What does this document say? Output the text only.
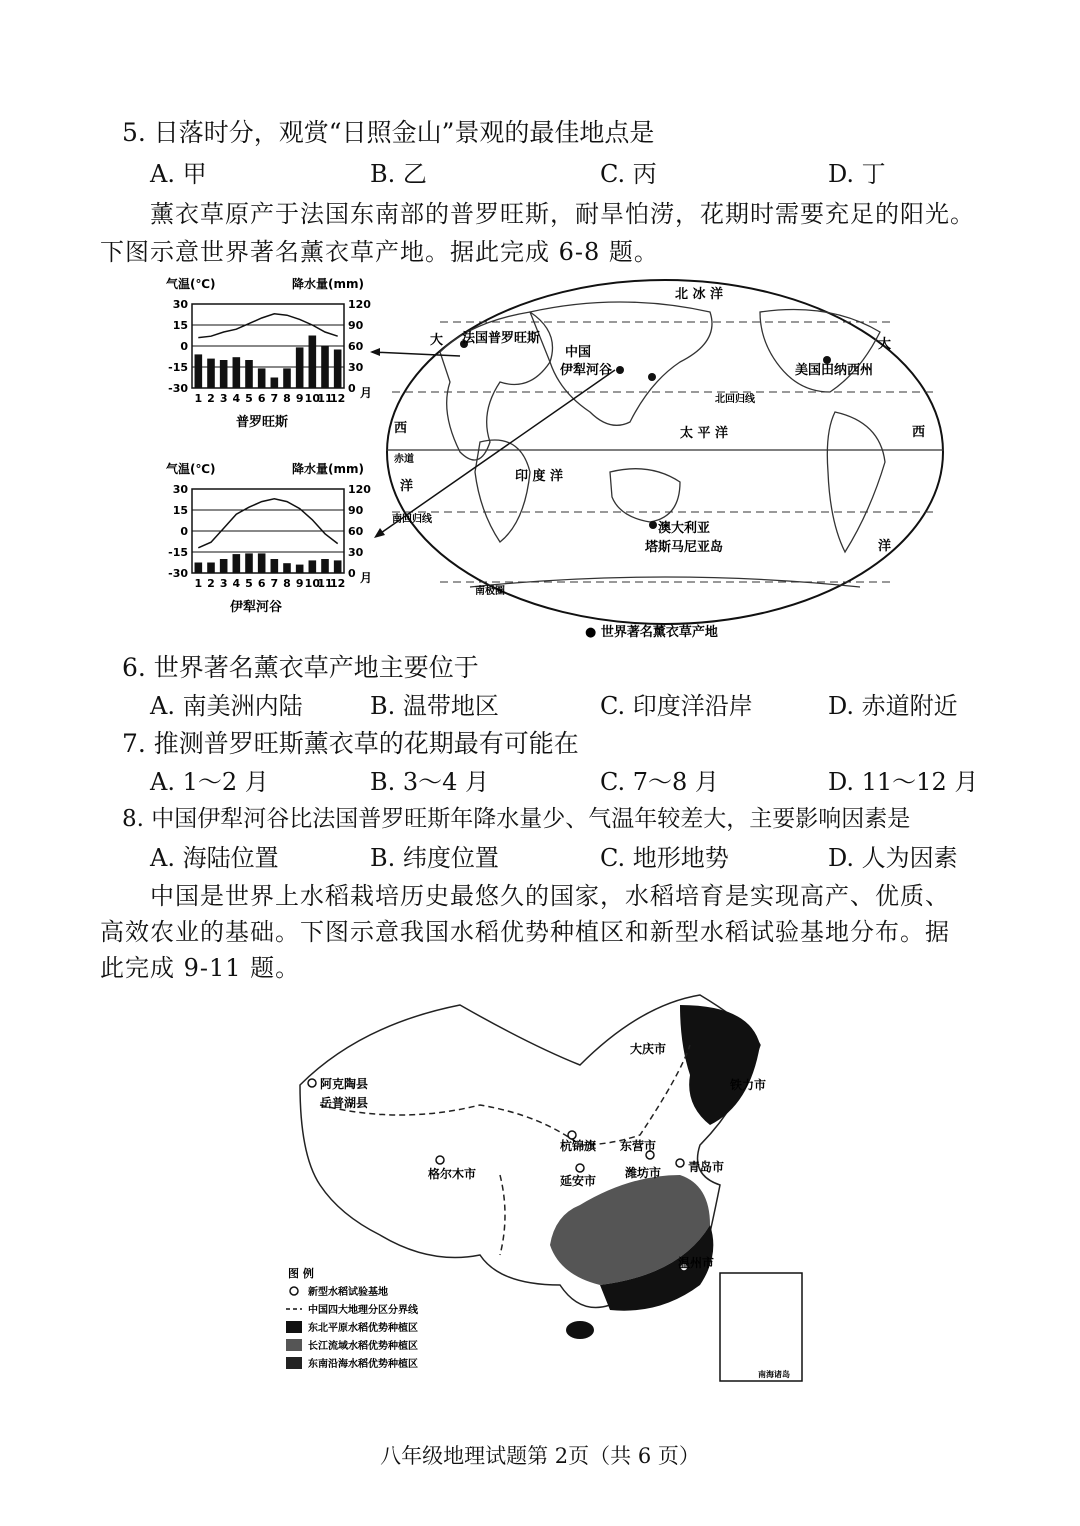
5. 日落时分，观赏“日照金山”景观的最佳地点是
A. 甲	B. 乙	C. 丙	D. 丁
薰衣草原产于法国东南部的普罗旺斯，耐旱怕涝，花期时需要充足的阳光。
下图示意世界著名薰衣草产地。据此完成 6-8 题。
气温(℃)	降水量(mm)
30
15
0
-15
-30
120
90
60
30
0
1 2 3 4 5 6 7 8 9 10
11
12 月
普罗旺斯
气温(℃)	降水量(mm)
30
15
0
-15
-30
120
90
60
30
0
1 2 3 4 5 6 7 8 9 10
11
12 月
伊犁河谷
北 冰 洋
法国普罗旺斯
中国
伊犁河谷	美国田纳西州
北回归线
太 平 洋
印 度 洋
赤道
南回归线
澳大利亚
塔斯马尼亚岛
南极圈
大	大
西	西
洋
洋
● 世界著名薰衣草产地
6. 世界著名薰衣草产地主要位于
A. 南美洲内陆	B. 温带地区	C. 印度洋沿岸	D. 赤道附近
7. 推测普罗旺斯薰衣草的花期最有可能在
A. 1～2 月	B. 3～4 月	C. 7～8 月	D. 11～12 月
8. 中国伊犁河谷比法国普罗旺斯年降水量少、气温年较差大，主要影响因素是
A. 海陆位置	B. 纬度位置	C. 地形地势	D. 人为因素
中国是世界上水稻栽培历史最悠久的国家，水稻培育是实现高产、优质、
高效农业的基础。下图示意我国水稻优势种植区和新型水稻试验基地分布。据
此完成 9-11 题。
大庆市
铁力市
阿克陶县
岳普湖县
杭锦旗 东营市
格尔木市	潍坊市 青岛市
延安市
温州市
南海诸岛
图 例
新型水稻试验基地
中国四大地理分区分界线
东北平原水稻优势种植区
长江流域水稻优势种植区
东南沿海水稻优势种植区
八年级地理试题第 2页（共 6 页）
